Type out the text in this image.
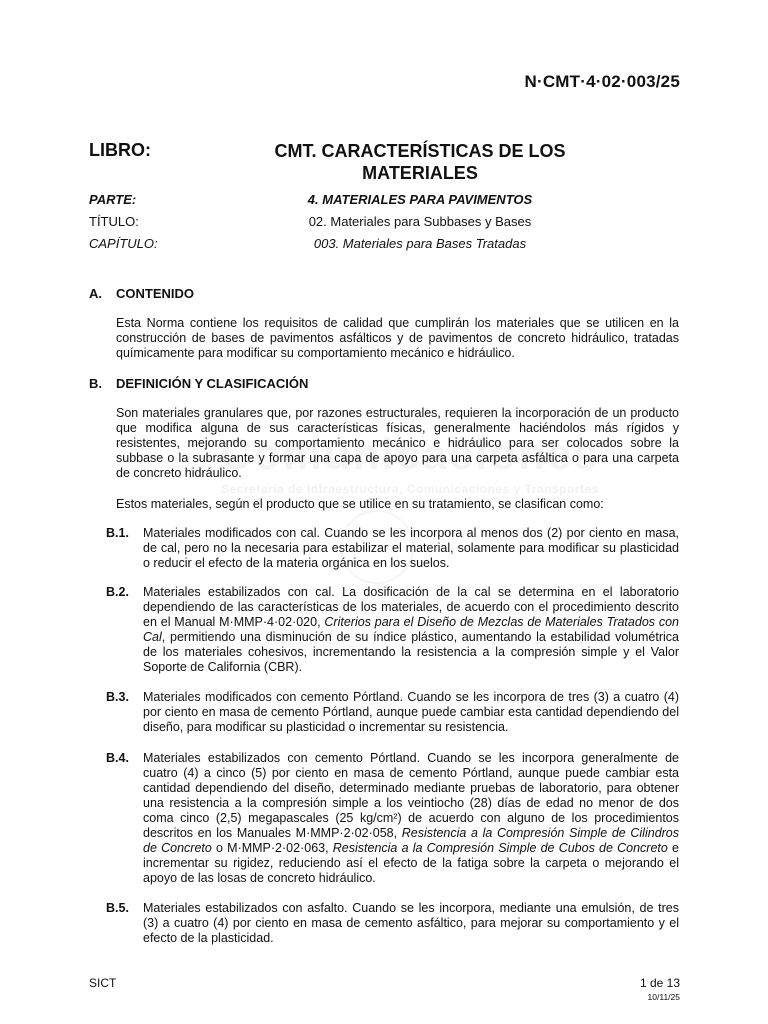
Secretaría de Infraestructura, Comunicaciones y Transportes
N·CMT·4·02·003/25
LIBRO:	CMT. CARACTERÍSTICAS DE LOS MATERIALES
PARTE:	4. MATERIALES PARA PAVIMENTOS
TÍTULO:	02. Materiales para Subbases y Bases
CAPÍTULO:	003. Materiales para Bases Tratadas
A. CONTENIDO
Esta Norma contiene los requisitos de calidad que cumplirán los materiales que se utilicen en la construcción de bases de pavimentos asfálticos y de pavimentos de concreto hidráulico, tratadas químicamente para modificar su comportamiento mecánico e hidráulico.
B. DEFINICIÓN Y CLASIFICACIÓN
Son materiales granulares que, por razones estructurales, requieren la incorporación de un producto que modifica alguna de sus características físicas, generalmente haciéndolos más rígidos y resistentes, mejorando su comportamiento mecánico e hidráulico para ser colocados sobre la subbase o la subrasante y formar una capa de apoyo para una carpeta asfáltica o para una carpeta de concreto hidráulico.
Estos materiales, según el producto que se utilice en su tratamiento, se clasifican como:
B.1. Materiales modificados con cal. Cuando se les incorpora al menos dos (2) por ciento en masa, de cal, pero no la necesaria para estabilizar el material, solamente para modificar su plasticidad o reducir el efecto de la materia orgánica en los suelos.
B.2. Materiales estabilizados con cal. La dosificación de la cal se determina en el laboratorio dependiendo de las características de los materiales, de acuerdo con el procedimiento descrito en el Manual M·MMP·4·02·020, Criterios para el Diseño de Mezclas de Materiales Tratados con Cal, permitiendo una disminución de su índice plástico, aumentando la estabilidad volumétrica de los materiales cohesivos, incrementando la resistencia a la compresión simple y el Valor Soporte de California (CBR).
B.3. Materiales modificados con cemento Pórtland. Cuando se les incorpora de tres (3) a cuatro (4) por ciento en masa de cemento Pórtland, aunque puede cambiar esta cantidad dependiendo del diseño, para modificar su plasticidad o incrementar su resistencia.
B.4. Materiales estabilizados con cemento Pórtland. Cuando se les incorpora generalmente de cuatro (4) a cinco (5) por ciento en masa de cemento Pórtland, aunque puede cambiar esta cantidad dependiendo del diseño, determinado mediante pruebas de laboratorio, para obtener una resistencia a la compresión simple a los veintiocho (28) días de edad no menor de dos coma cinco (2,5) megapascales (25 kg/cm²) de acuerdo con alguno de los procedimientos descritos en los Manuales M·MMP·2·02·058, Resistencia a la Compresión Simple de Cilindros de Concreto o M·MMP·2·02·063, Resistencia a la Compresión Simple de Cubos de Concreto e incrementar su rigidez, reduciendo así el efecto de la fatiga sobre la carpeta o mejorando el apoyo de las losas de concreto hidráulico.
B.5. Materiales estabilizados con asfalto. Cuando se les incorpora, mediante una emulsión, de tres (3) a cuatro (4) por ciento en masa de cemento asfáltico, para mejorar su comportamiento y el efecto de la plasticidad.
SICT	1 de 13
10/11/25
